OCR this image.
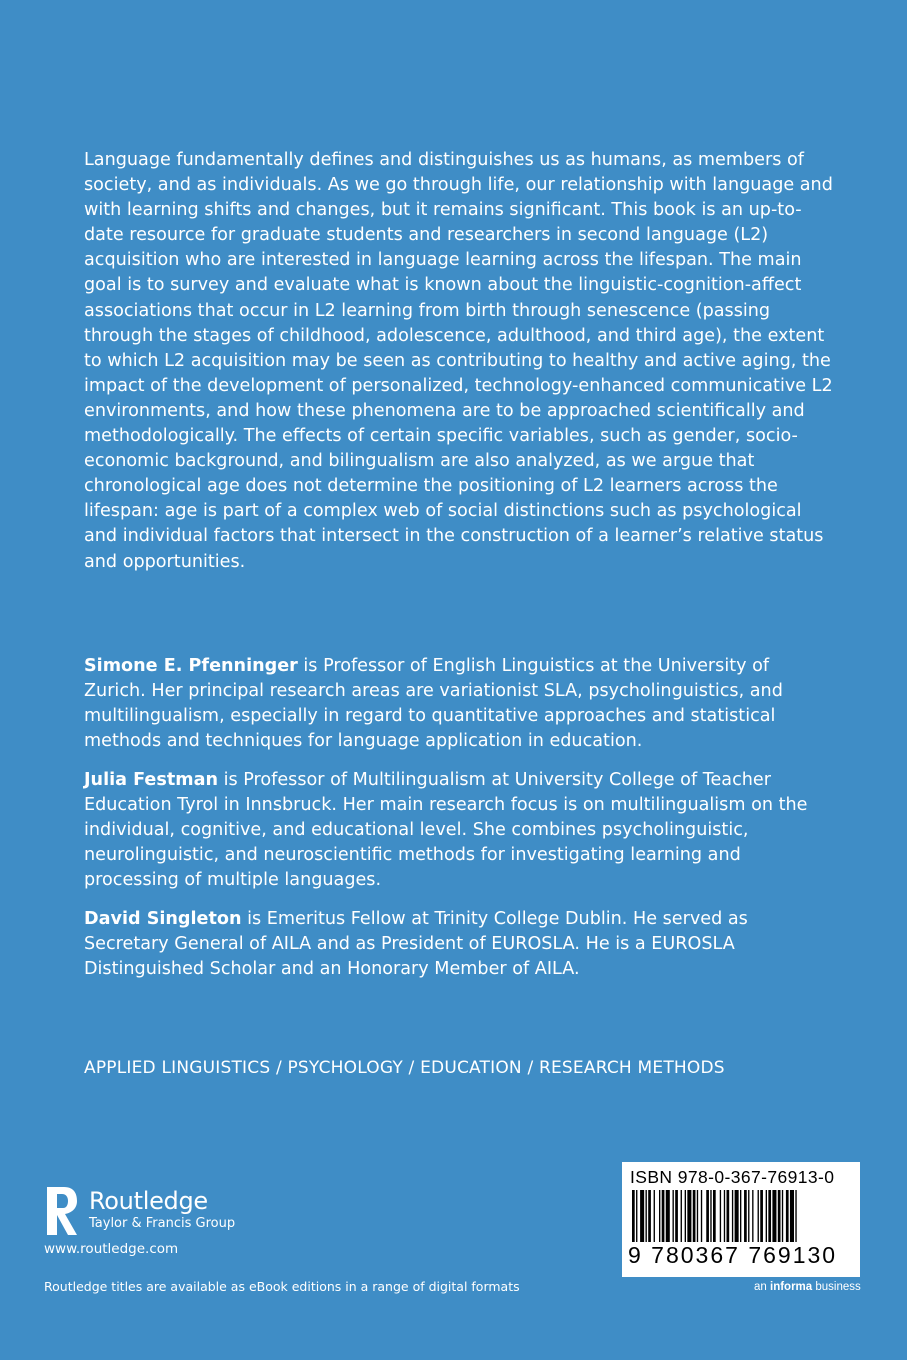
Language fundamentally defines and distinguishes us as humans, as members of society, and as individuals. As we go through life, our relationship with language and with learning shifts and changes, but it remains significant. This book is an up-to-date resource for graduate students and researchers in second language (L2) acquisition who are interested in language learning across the lifespan. The main goal is to survey and evaluate what is known about the linguistic-cognition-affect associations that occur in L2 learning from birth through senescence (passing through the stages of childhood, adolescence, adulthood, and third age), the extent to which L2 acquisition may be seen as contributing to healthy and active aging, the impact of the development of personalized, technology-enhanced communicative L2 environments, and how these phenomena are to be approached scientifically and methodologically. The effects of certain specific variables, such as gender, socio-economic background, and bilingualism are also analyzed, as we argue that chronological age does not determine the positioning of L2 learners across the lifespan: age is part of a complex web of social distinctions such as psychological and individual factors that intersect in the construction of a learner’s relative status and opportunities.

Simone E. Pfenninger is Professor of English Linguistics at the University of Zurich. Her principal research areas are variationist SLA, psycholinguistics, and multilingualism, especially in regard to quantitative approaches and statistical methods and techniques for language application in education.

Julia Festman is Professor of Multilingualism at University College of Teacher Education Tyrol in Innsbruck. Her main research focus is on multilingualism on the individual, cognitive, and educational level. She combines psycholinguistic, neurolinguistic, and neuroscientific methods for investigating learning and processing of multiple languages.

David Singleton is Emeritus Fellow at Trinity College Dublin. He served as Secretary General of AILA and as President of EUROSLA. He is a EUROSLA Distinguished Scholar and an Honorary Member of AILA.

APPLIED LINGUISTICS / PSYCHOLOGY / EDUCATION / RESEARCH METHODS
Routledge
Taylor & Francis Group
www.routledge.com
Routledge titles are available as eBook editions in a range of digital formats
ISBN 978-0-367-76913-0
9 780367 769130
an informa business
